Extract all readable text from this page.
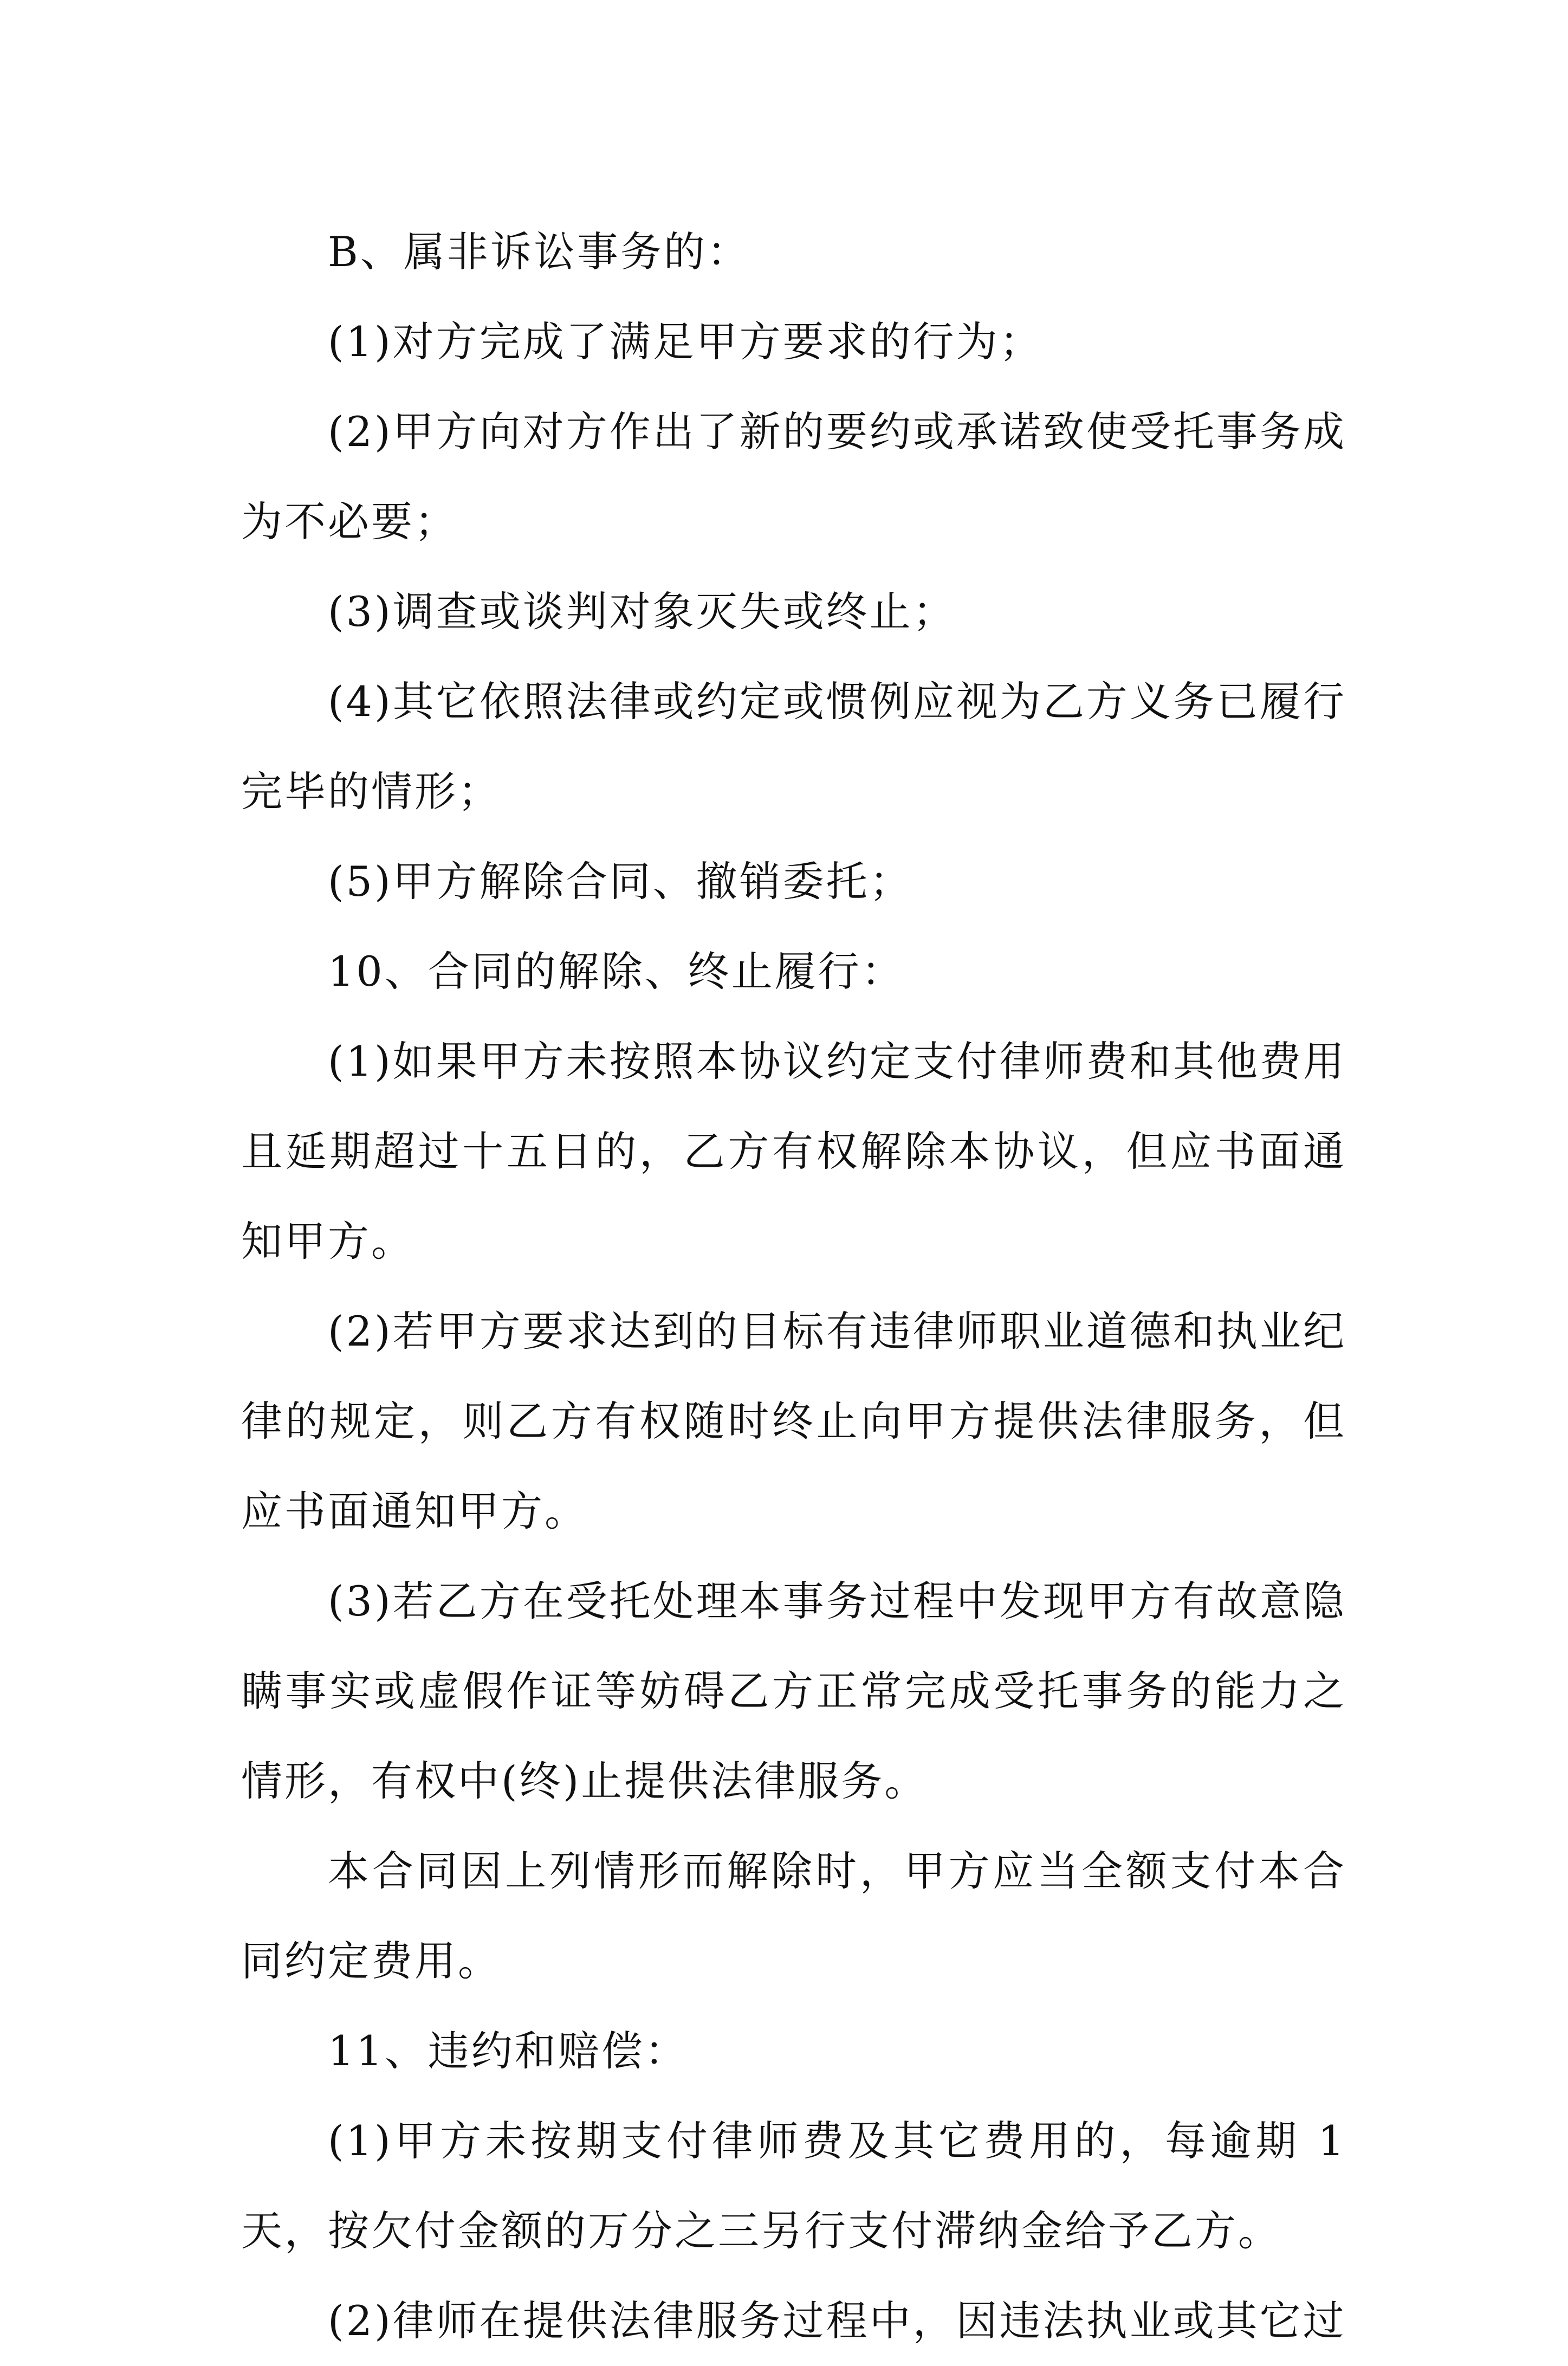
B、属非诉讼事务的：

(1)对方完成了满足甲方要求的行为；

(2)甲方向对方作出了新的要约或承诺致使受托事务成为不必要；

(3)调查或谈判对象灭失或终止；

(4)其它依照法律或约定或惯例应视为乙方义务已履行完毕的情形；

(5)甲方解除合同、撤销委托；

10、合同的解除、终止履行：

(1)如果甲方未按照本协议约定支付律师费和其他费用且延期超过十五日的，乙方有权解除本协议，但应书面通知甲方。

(2)若甲方要求达到的目标有违律师职业道德和执业纪律的规定，则乙方有权随时终止向甲方提供法律服务，但应书面通知甲方。

(3)若乙方在受托处理本事务过程中发现甲方有故意隐瞒事实或虚假作证等妨碍乙方正常完成受托事务的能力之情形，有权中(终)止提供法律服务。

本合同因上列情形而解除时，甲方应当全额支付本合同约定费用。

11、违约和赔偿：

(1)甲方未按期支付律师费及其它费用的，每逾期 1 天，按欠付金额的万分之三另行支付滞纳金给予乙方。

(2)律师在提供法律服务过程中，因违法执业或其它过
